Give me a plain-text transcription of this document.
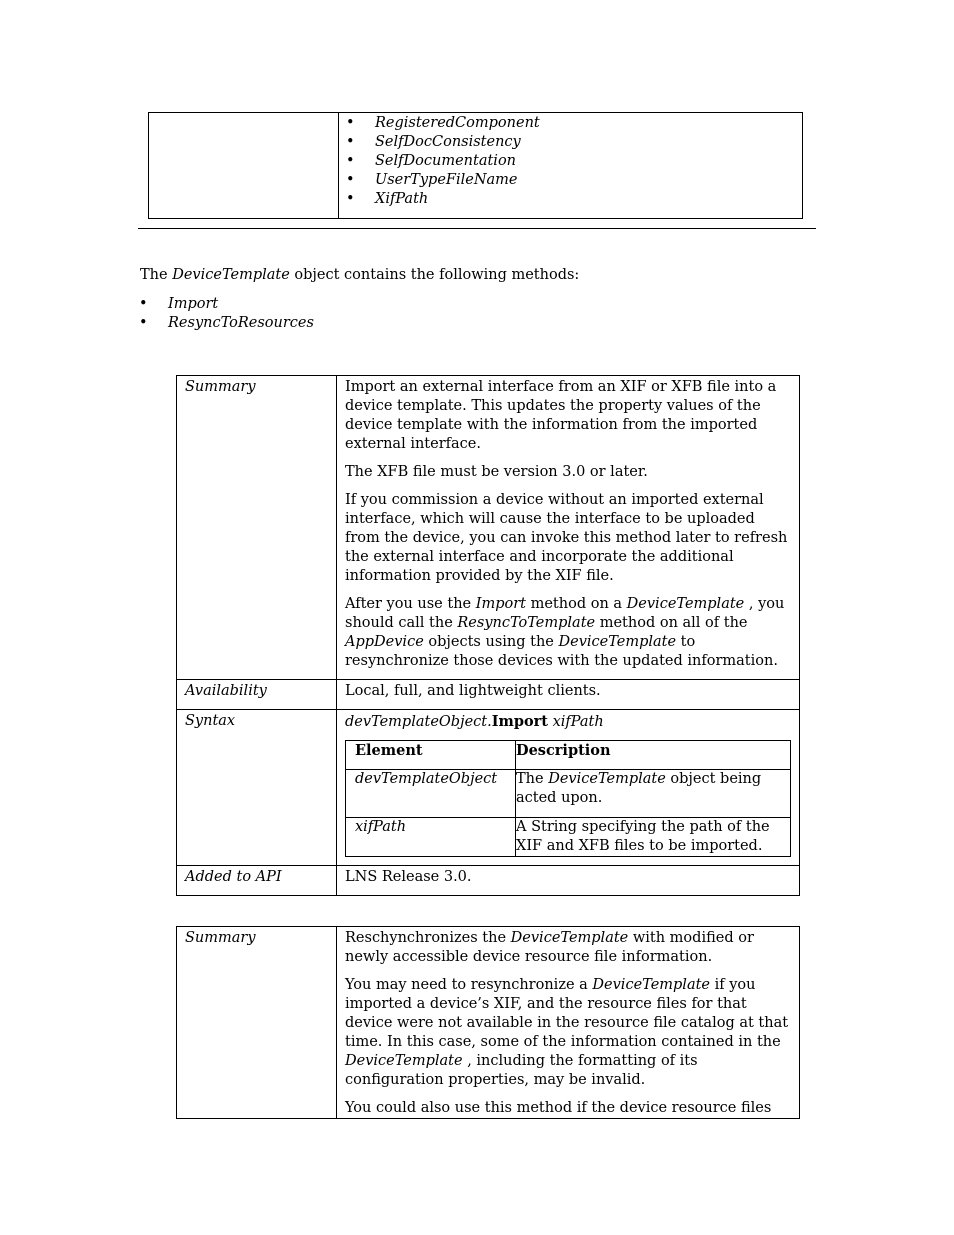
• RegisteredComponent
• SelfDocConsistency
• SelfDocumentation
• UserTypeFileName
• XifPath

The DeviceTemplate object contains the following methods:

• Import
• ResyncToResources
Summary	Import an external interface from an XIF or XFB file into a device template. This updates the property values of the device template with the information from the imported external interface.

The XFB file must be version 3.0 or later.

If you commission a device without an imported external interface, which will cause the interface to be uploaded from the device, you can invoke this method later to refresh the external interface and incorporate the additional information provided by the XIF file.

After you use the Import method on a DeviceTemplate , you should call the ResyncToTemplate method on all of the AppDevice objects using the DeviceTemplate to resynchronize those devices with the updated information.

Availability	Local, full, and lightweight clients.

Syntax	devTemplateObject.Import xifPath

Element	Description
devTemplateObject	The DeviceTemplate object being acted upon.
xifPath	A String specifying the path of the XIF and XFB files to be imported.

Added to API	LNS Release 3.0.

Summary	Reschynchronizes the DeviceTemplate with modified or newly accessible device resource file information.

You may need to resynchronize a DeviceTemplate if you imported a device’s XIF, and the resource files for that device were not available in the resource file catalog at that time. In this case, some of the information contained in the DeviceTemplate , including the formatting of its configuration properties, may be invalid.

You could also use this method if the device resource files
